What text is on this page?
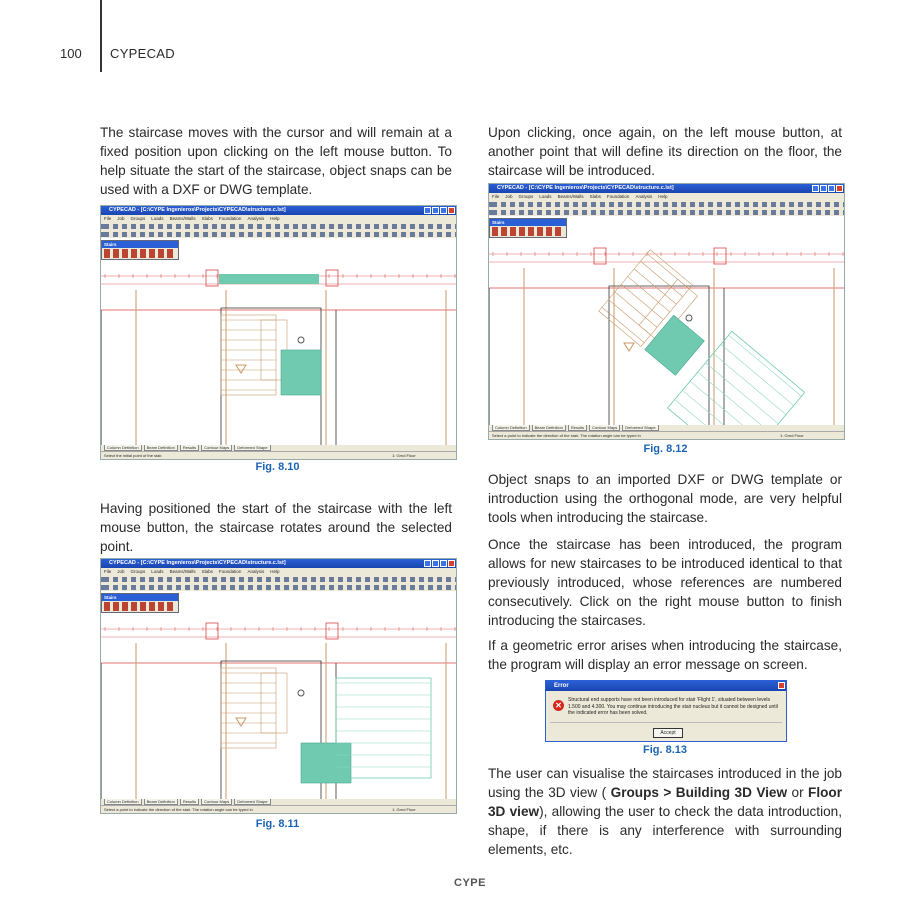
100 CYPECAD

The staircase moves with the cursor and will remain at a fixed position upon clicking on the left mouse button. To help situate the start of the staircase, object snaps can be used with a DXF or DWG template.

CYPECAD - [C:\CYPE Ingenieros\Projects\CYPECAD\structure.c.lst]
File Job Groups Loads Beams/Walls Slabs Foundation Analysis Help
Stairs
Column Definition	Beam Definition	Results	Contour Maps	Deformed Shape
Select the initial point of the stair.	1: Grnd Floor
Fig. 8.10

Having positioned the start of the staircase with the left mouse button, the staircase rotates around the selected point.

CYPECAD - [C:\CYPE Ingenieros\Projects\CYPECAD\structure.c.lst]
File Job Groups Loads Beams/Walls Slabs Foundation Analysis Help
Stairs
Column Definition	Beam Definition	Results	Contour Maps	Deformed Shape
Select a point to indicate the direction of the stair. The rotation angle can be typed in	1: Grnd Floor
Fig. 8.11

Upon clicking, once again, on the left mouse button, at another point that will define its direction on the floor, the staircase will be introduced.

CYPECAD - [C:\CYPE Ingenieros\Projects\CYPECAD\structure.c.lst]
File Job Groups Loads Beams/Walls Slabs Foundation Analysis Help
Stairs
Column Definition	Beam Definition	Results	Contour Maps	Deformed Shape
Select a point to indicate the direction of the stair. The rotation angle can be typed in	1: Grnd Floor
Fig. 8.12

Object snaps to an imported DXF or DWG template or introduction using the orthogonal mode, are very helpful tools when introducing the staircase.

Once the staircase has been introduced, the program allows for new staircases to be introduced identical to that previously introduced, whose references are numbered consecutively. Click on the right mouse button to finish introducing the staircases.

If a geometric error arises when introducing the staircase, the program will display an error message on screen.

Error
✕
Structural end supports have not been introduced for stair 'Flight 1', situated between levels 1.500 and 4.300. You may continue introducing the stair nucleus but it cannot be designed until the indicated error has been solved.
Accept
Fig. 8.13

The user can visualise the staircases introduced in the job using the 3D view ( Groups > Building 3D View or Floor 3D view), allowing the user to check the data introduction, shape, if there is any interference with surrounding elements, etc.

CYPE
